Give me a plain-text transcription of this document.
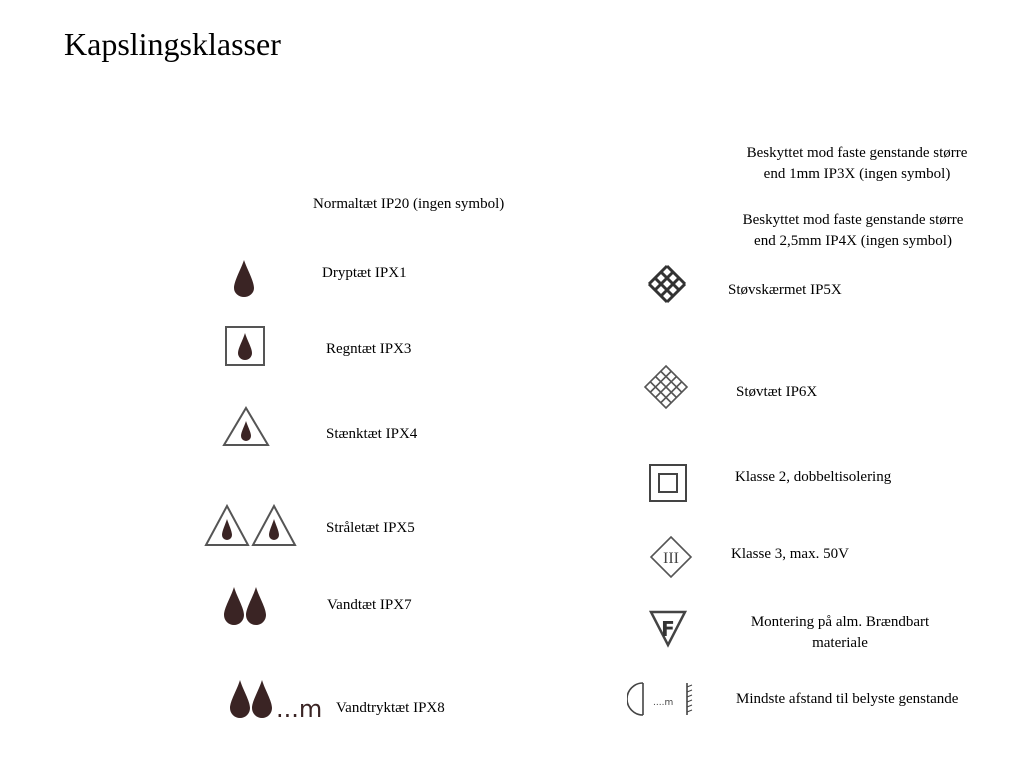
Kapslingsklasser
Normaltæt IP20 (ingen symbol)
Dryptæt IPX1
Regntæt IPX3
Stænktæt IPX4
Stråletæt IPX5
Vandtæt IPX7
...m Vandtryktæt IPX8
Beskyttet mod faste genstande større
end 1mm IP3X (ingen symbol)
Beskyttet mod faste genstande større
end 2,5mm IP4X (ingen symbol)
Støvskærmet IP5X
Støvtæt IP6X
Klasse 2, dobbeltisolering
III	Klasse 3, max. 50V
F	Montering på alm. Brændbart
materiale
....m	Mindste afstand til belyste genstande
